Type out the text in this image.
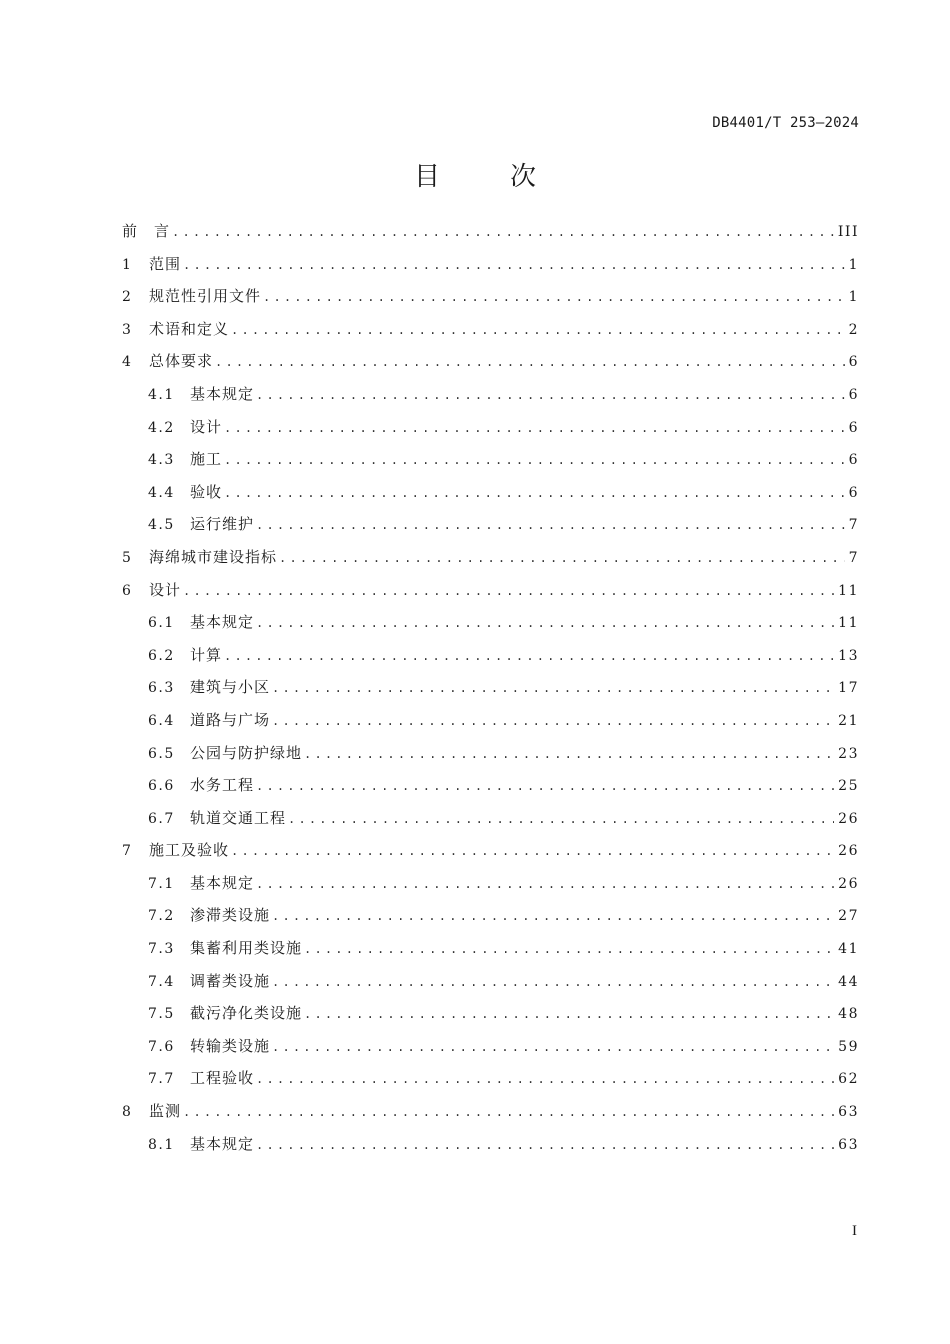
DB4401/T 253—2024
目　次
前　言 .....	III
1	范围 .....	1
2	规范性引用文件 .....	1
3	术语和定义 .....	2
4	总体要求 .....	6
4.1	基本规定 .....	6
4.2	设计 .....	6
4.3	施工 .....	6
4.4	验收 .....	6
4.5	运行维护 .....	7
5	海绵城市建设指标 .....	7
6	设计 .....	11
6.1	基本规定 .....	11
6.2	计算 .....	13
6.3	建筑与小区 .....	17
6.4	道路与广场 .....	21
6.5	公园与防护绿地 .....	23
6.6	水务工程 .....	25
6.7	轨道交通工程 .....	26
7	施工及验收 .....	26
7.1	基本规定 .....	26
7.2	渗滞类设施 .....	27
7.3	集蓄利用类设施 .....	41
7.4	调蓄类设施 .....	44
7.5	截污净化类设施 .....	48
7.6	转输类设施 .....	59
7.7	工程验收 .....	62
8	监测 .....	63
8.1	基本规定 .....	63
I
